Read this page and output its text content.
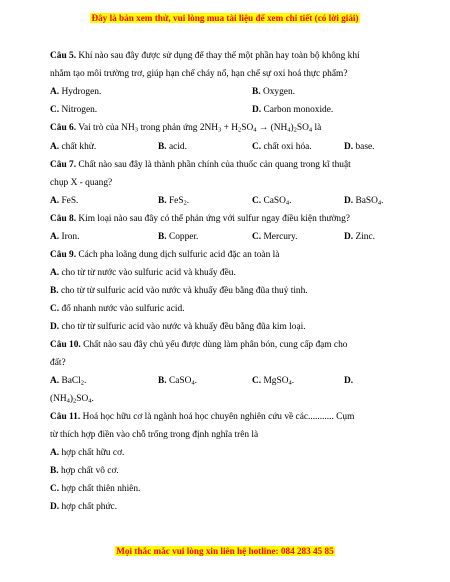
Đây là bản xem thử, vui lòng mua tài liệu để xem chi tiết (có lời giải)
Câu 5. Khí nào sau đây được sử dụng để thay thế một phần hay toàn bộ không khí
nhằm tạo môi trường trơ, giúp hạn chế cháy nổ, hạn chế sự oxi hoá thực phẩm?
A. Hydrogen.	B. Oxygen.
C. Nitrogen.	D. Carbon monoxide.
Câu 6. Vai trò của $NH_3$ trong phản ứng $2NH_3 + H_2SO_4 \to (NH_4)_2SO_4$ là
A. chất khử.	B. acid.	C. chất oxi hóa.	D. base.
Câu 7. Chất nào sau đây là thành phần chính của thuốc cản quang trong kĩ thuật
chụp X - quang?
A. FeS.	B. FeS$_2$.	C. CaSO$_4$.	D. BaSO$_4$.
Câu 8. Kim loại nào sau đây có thể phản ứng với sulfur ngay điều kiện thường?
A. Iron.	B. Copper.	C. Mercury.	D. Zinc.
Câu 9. Cách pha loãng dung dịch sulfuric acid đặc an toàn là
A. cho từ từ nước vào sulfuric acid và khuấy đều.
B. cho từ từ sulfuric acid vào nước và khuấy đều bằng đũa thuỷ tinh.
C. đổ nhanh nước vào sulfuric acid.
D. cho từ từ sulfuric acid vào nước và khuấy đều bằng đũa kim loại.
Câu 10. Chất nào sau đây chủ yếu được dùng làm phân bón, cung cấp đạm cho
đất?
A. BaCl$_2$.	B. CaSO$_4$.	C. MgSO$_4$.	D.
$(NH_4)_2SO_4$.
Câu 11. Hoá học hữu cơ là ngành hoá học chuyên nghiên cứu về các........... Cụm
từ thích hợp điền vào chỗ trống trong định nghĩa trên là
A. hợp chất hữu cơ.
B. hợp chất vô cơ.
C. hợp chất thiên nhiên.
D. hợp chất phức.
Mọi thắc mắc vui lòng xin liên hệ hotline: 084 283 45 85
